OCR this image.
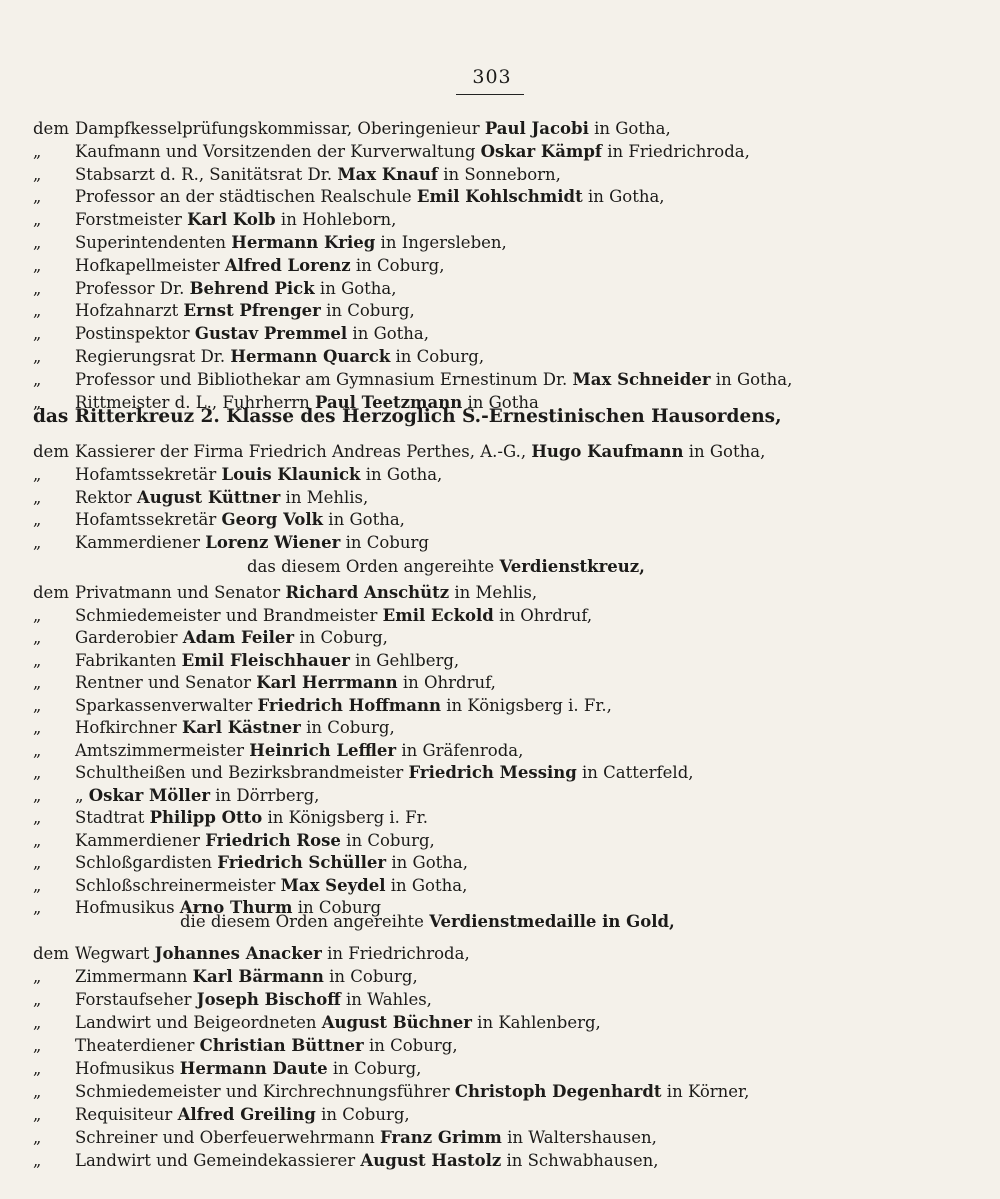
303
dem Dampfkesselprüfungskommissar, Oberingenieur Paul Jacobi in Gotha,
„ Kaufmann und Vorsitzenden der Kurverwaltung Oskar Kämpf in Friedrichroda,
„ Stabsarzt d. R., Sanitätsrat Dr. Max Knauf in Sonneborn,
„ Professor an der städtischen Realschule Emil Kohlschmidt in Gotha,
„ Forstmeister Karl Kolb in Hohleborn,
„ Superintendenten Hermann Krieg in Ingersleben,
„ Hofkapellmeister Alfred Lorenz in Coburg,
„ Professor Dr. Behrend Pick in Gotha,
„ Hofzahnarzt Ernst Pfrenger in Coburg,
„ Postinspektor Gustav Premmel in Gotha,
„ Regierungsrat Dr. Hermann Quarck in Coburg,
„ Professor und Bibliothekar am Gymnasium Ernestinum Dr. Max Schneider in Gotha,
„ Rittmeister d. L., Fuhrherrn Paul Teetzmann in Gotha
das Ritterkreuz 2. Klasse des Herzoglich S.-Ernestinischen Hausordens,
dem Kassierer der Firma Friedrich Andreas Perthes, A.-G., Hugo Kaufmann in Gotha,
„ Hofamtssekretär Louis Klaunick in Gotha,
„ Rektor August Küttner in Mehlis,
„ Hofamtssekretär Georg Volk in Gotha,
„ Kammerdiener Lorenz Wiener in Coburg
das diesem Orden angereihte Verdienstkreuz,
dem Privatmann und Senator Richard Anschütz in Mehlis,
„ Schmiedemeister und Brandmeister Emil Eckold in Ohrdruf,
„ Garderobier Adam Feiler in Coburg,
„ Fabrikanten Emil Fleischhauer in Gehlberg,
„ Rentner und Senator Karl Herrmann in Ohrdruf,
„ Sparkassenverwalter Friedrich Hoffmann in Königsberg i. Fr.,
„ Hofkirchner Karl Kästner in Coburg,
„ Amtszimmermeister Heinrich Leffler in Gräfenroda,
„ Schultheißen und Bezirksbrandmeister Friedrich Messing in Catterfeld,
„ „ Oskar Möller in Dörrberg,
„ Stadtrat Philipp Otto in Königsberg i. Fr.
„ Kammerdiener Friedrich Rose in Coburg,
„ Schloßgardisten Friedrich Schüller in Gotha,
„ Schloßschreinermeister Max Seydel in Gotha,
„ Hofmusikus Arno Thurm in Coburg
die diesem Orden angereihte Verdienstmedaille in Gold,
dem Wegwart Johannes Anacker in Friedrichroda,
„ Zimmermann Karl Bärmann in Coburg,
„ Forstaufseher Joseph Bischoff in Wahles,
„ Landwirt und Beigeordneten August Büchner in Kahlenberg,
„ Theaterdiener Christian Büttner in Coburg,
„ Hofmusikus Hermann Daute in Coburg,
„ Schmiedemeister und Kirchrechnungsführer Christoph Degenhardt in Körner,
„ Requisiteur Alfred Greiling in Coburg,
„ Schreiner und Oberfeuerwehrmann Franz Grimm in Waltershausen,
„ Landwirt und Gemeindekassierer August Hastolz in Schwabhausen,
